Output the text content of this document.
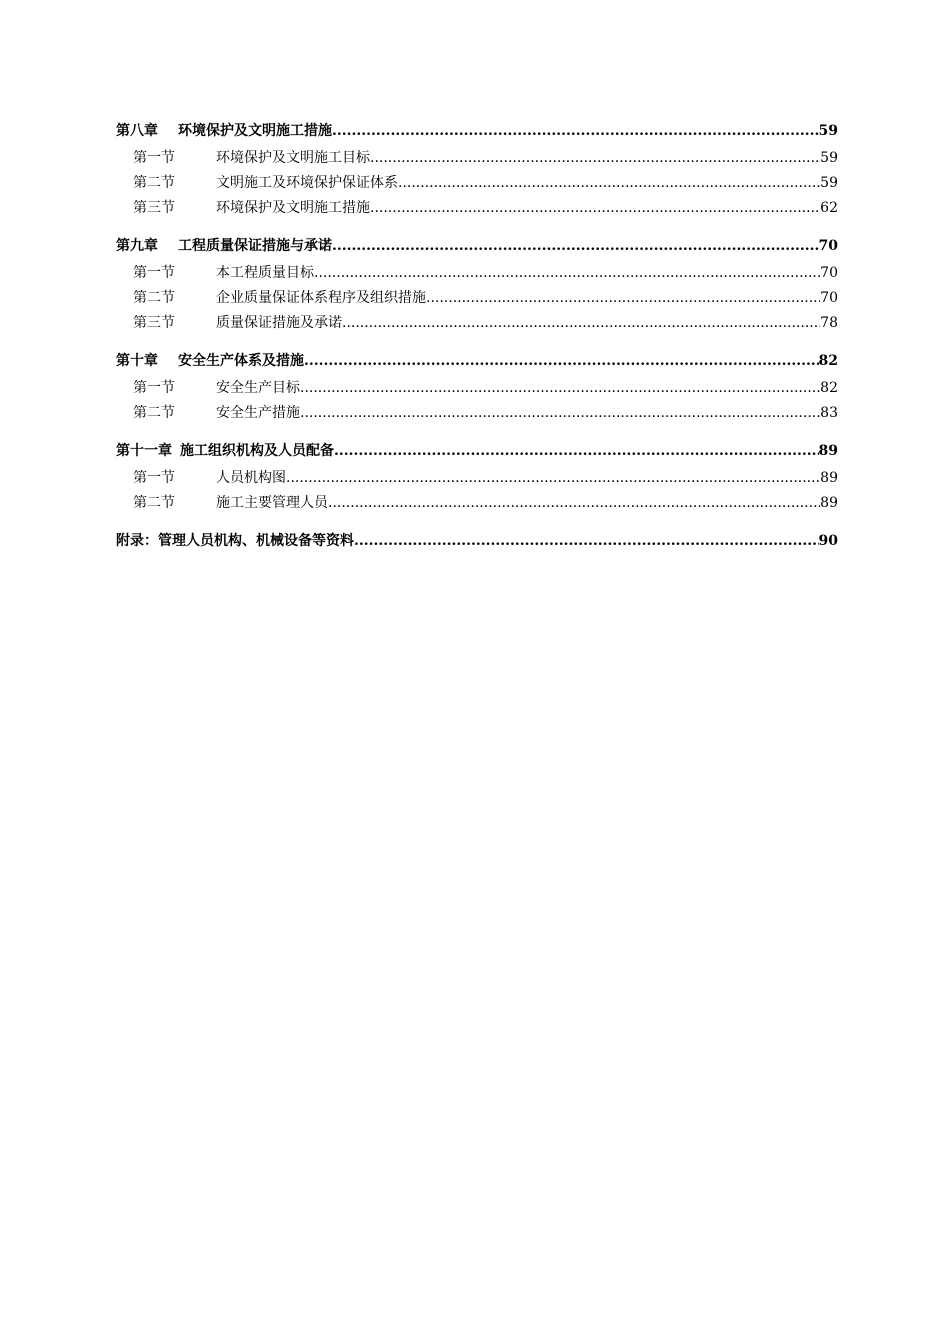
第八章 环境保护及文明施工措施 .....	59
第一节	环境保护及文明施工目标 .....	59
第二节	文明施工及环境保护保证体系 .....	59
第三节	环境保护及文明施工措施 .....	62
第九章 工程质量保证措施与承诺 .....	70
第一节	本工程质量目标 .....	70
第二节	企业质量保证体系程序及组织措施 .....	70
第三节	质量保证措施及承诺 .....	78
第十章 安全生产体系及措施 .....	82
第一节	安全生产目标 .....	82
第二节	安全生产措施 .....	83
第十一章 施工组织机构及人员配备 .....	89
第一节	人员机构图 .....	89
第二节	施工主要管理人员 .....	89
附录：管理人员机构、机械设备等资料 .....	90
